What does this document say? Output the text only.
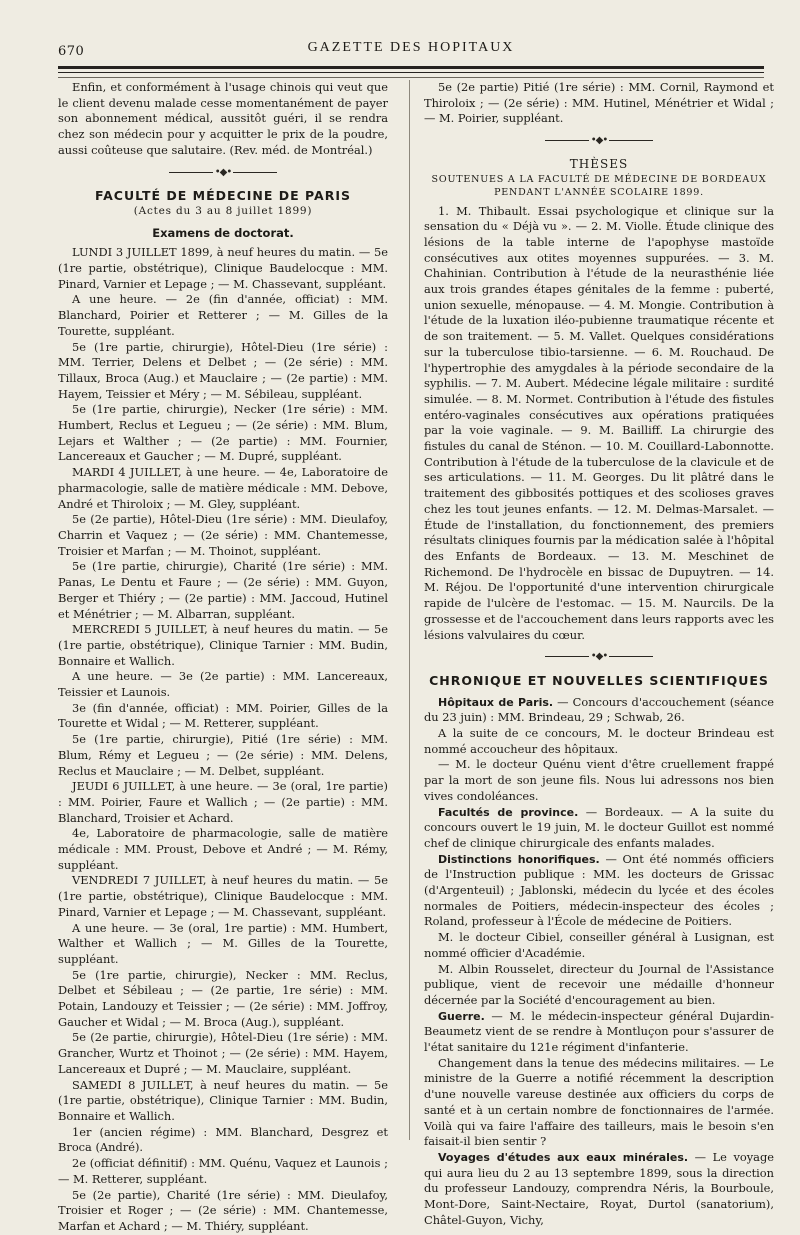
670	GAZETTE DES HOPITAUX

Enfin, et conformément à l'usage chinois qui veut que le client devenu malade cesse momentanément de payer son abonnement médical, aussitôt guéri, il se rendra chez son médecin pour y acquitter le prix de la poudre, aussi coûteuse que salutaire. (Rev. méd. de Montréal.)

•◆•
FACULTÉ DE MÉDECINE DE PARIS
(Actes du 3 au 8 juillet 1899)
Examens de doctorat.

LUNDI 3 JUILLET 1899, à neuf heures du matin. — 5e (1re partie, obstétrique), Clinique Baudelocque : MM. Pinard, Varnier et Lepage ; — M. Chassevant, suppléant.

A une heure. — 2e (fin d'année, officiat) : MM. Blanchard, Poirier et Retterer ; — M. Gilles de la Tourette, suppléant.

5e (1re partie, chirurgie), Hôtel-Dieu (1re série) : MM. Terrier, Delens et Delbet ; — (2e série) : MM. Tillaux, Broca (Aug.) et Mauclaire ; — (2e partie) : MM. Hayem, Teissier et Méry ; — M. Sébileau, suppléant.

5e (1re partie, chirurgie), Necker (1re série) : MM. Humbert, Reclus et Legueu ; — (2e série) : MM. Blum, Lejars et Walther ; — (2e partie) : MM. Fournier, Lancereaux et Gaucher ; — M. Dupré, suppléant.

MARDI 4 JUILLET, à une heure. — 4e, Laboratoire de pharmacologie, salle de matière médicale : MM. Debove, André et Thiroloix ; — M. Gley, suppléant.

5e (2e partie), Hôtel-Dieu (1re série) : MM. Dieulafoy, Charrin et Vaquez ; — (2e série) : MM. Chantemesse, Troisier et Marfan ; — M. Thoinot, suppléant.

5e (1re partie, chirurgie), Charité (1re série) : MM. Panas, Le Dentu et Faure ; — (2e série) : MM. Guyon, Berger et Thiéry ; — (2e partie) : MM. Jaccoud, Hutinel et Ménétrier ; — M. Albarran, suppléant.

MERCREDI 5 JUILLET, à neuf heures du matin. — 5e (1re partie, obstétrique), Clinique Tarnier : MM. Budin, Bonnaire et Wallich.

A une heure. — 3e (2e partie) : MM. Lancereaux, Teissier et Launois.

3e (fin d'année, officiat) : MM. Poirier, Gilles de la Tourette et Widal ; — M. Retterer, suppléant.

5e (1re partie, chirurgie), Pitié (1re série) : MM. Blum, Rémy et Legueu ; — (2e série) : MM. Delens, Reclus et Mauclaire ; — M. Delbet, suppléant.

JEUDI 6 JUILLET, à une heure. — 3e (oral, 1re partie) : MM. Poirier, Faure et Wallich ; — (2e partie) : MM. Blanchard, Troisier et Achard.

4e, Laboratoire de pharmacologie, salle de matière médicale : MM. Proust, Debove et André ; — M. Rémy, suppléant.

VENDREDI 7 JUILLET, à neuf heures du matin. — 5e (1re partie, obstétrique), Clinique Baudelocque : MM. Pinard, Varnier et Lepage ; — M. Chassevant, suppléant.

A une heure. — 3e (oral, 1re partie) : MM. Humbert, Walther et Wallich ; — M. Gilles de la Tourette, suppléant.

5e (1re partie, chirurgie), Necker : MM. Reclus, Delbet et Sébileau ; — (2e partie, 1re série) : MM. Potain, Landouzy et Teissier ; — (2e série) : MM. Joffroy, Gaucher et Widal ; — M. Broca (Aug.), suppléant.

5e (2e partie, chirurgie), Hôtel-Dieu (1re série) : MM. Grancher, Wurtz et Thoinot ; — (2e série) : MM. Hayem, Lancereaux et Dupré ; — M. Mauclaire, suppléant.

SAMEDI 8 JUILLET, à neuf heures du matin. — 5e (1re partie, obstétrique), Clinique Tarnier : MM. Budin, Bonnaire et Wallich.

1er (ancien régime) : MM. Blanchard, Desgrez et Broca (André).

2e (officiat définitif) : MM. Quénu, Vaquez et Launois ; — M. Retterer, suppléant.

5e (2e partie), Charité (1re série) : MM. Dieulafoy, Troisier et Roger ; — (2e série) : MM. Chantemesse, Marfan et Achard ; — M. Thiéry, suppléant.

5e (2e partie) Pitié (1re série) : MM. Cornil, Raymond et Thiroloix ; — (2e série) : MM. Hutinel, Ménétrier et Widal ; — M. Poirier, suppléant.

•◆•
THÈSES
SOUTENUES A LA FACULTÉ DE MÉDECINE DE BORDEAUX PENDANT L'ANNÉE SCOLAIRE 1899.

1. M. Thibault. Essai psychologique et clinique sur la sensation du « Déjà vu ». — 2. M. Violle. Étude clinique des lésions de la table interne de l'apophyse mastoïde consécutives aux otites moyennes suppurées. — 3. M. Chahinian. Contribution à l'étude de la neurasthénie liée aux trois grandes étapes génitales de la femme : puberté, union sexuelle, ménopause. — 4. M. Mongie. Contribution à l'étude de la luxation iléo-pubienne traumatique récente et de son traitement. — 5. M. Vallet. Quelques considérations sur la tuberculose tibio-tarsienne. — 6. M. Rouchaud. De l'hypertrophie des amygdales à la période secondaire de la syphilis. — 7. M. Aubert. Médecine légale militaire : surdité simulée. — 8. M. Normet. Contribution à l'étude des fistules entéro-vaginales consécutives aux opérations pratiquées par la voie vaginale. — 9. M. Bailliff. La chirurgie des fistules du canal de Sténon. — 10. M. Couillard-Labonnotte. Contribution à l'étude de la tuberculose de la clavicule et de ses articulations. — 11. M. Georges. Du lit plâtré dans le traitement des gibbosités pottiques et des scolioses graves chez les tout jeunes enfants. — 12. M. Delmas-Marsalet. — Étude de l'installation, du fonctionnement, des premiers résultats cliniques fournis par la médication salée à l'hôpital des Enfants de Bordeaux. — 13. M. Meschinet de Richemond. De l'hydrocèle en bissac de Dupuytren. — 14. M. Réjou. De l'opportunité d'une intervention chirurgicale rapide de l'ulcère de l'estomac. — 15. M. Naurcils. De la grossesse et de l'accouchement dans leurs rapports avec les lésions valvulaires du cœur.

•◆•
CHRONIQUE ET NOUVELLES SCIENTIFIQUES

Hôpitaux de Paris. — Concours d'accouchement (séance du 23 juin) : MM. Brindeau, 29 ; Schwab, 26.

A la suite de ce concours, M. le docteur Brindeau est nommé accoucheur des hôpitaux.

— M. le docteur Quénu vient d'être cruellement frappé par la mort de son jeune fils. Nous lui adressons nos bien vives condoléances.

Facultés de province. — Bordeaux. — A la suite du concours ouvert le 19 juin, M. le docteur Guillot est nommé chef de clinique chirurgicale des enfants malades.

Distinctions honorifiques. — Ont été nommés officiers de l'Instruction publique : MM. les docteurs de Grissac (d'Argenteuil) ; Jablonski, médecin du lycée et des écoles normales de Poitiers, médecin-inspecteur des écoles ; Roland, professeur à l'École de médecine de Poitiers.

M. le docteur Cibiel, conseiller général à Lusignan, est nommé officier d'Académie.

M. Albin Rousselet, directeur du Journal de l'Assistance publique, vient de recevoir une médaille d'honneur décernée par la Société d'encouragement au bien.

Guerre. — M. le médecin-inspecteur général Dujardin-Beaumetz vient de se rendre à Montluçon pour s'assurer de l'état sanitaire du 121e régiment d'infanterie.

Changement dans la tenue des médecins militaires. — Le ministre de la Guerre a notifié récemment la description d'une nouvelle vareuse destinée aux officiers du corps de santé et à un certain nombre de fonctionnaires de l'armée. Voilà qui va faire l'affaire des tailleurs, mais le besoin s'en faisait-il bien sentir ?

Voyages d'études aux eaux minérales. — Le voyage qui aura lieu du 2 au 13 septembre 1899, sous la direction du professeur Landouzy, comprendra Néris, la Bourboule, Mont-Dore, Saint-Nectaire, Royat, Durtol (sanatorium), Châtel-Guyon, Vichy,
